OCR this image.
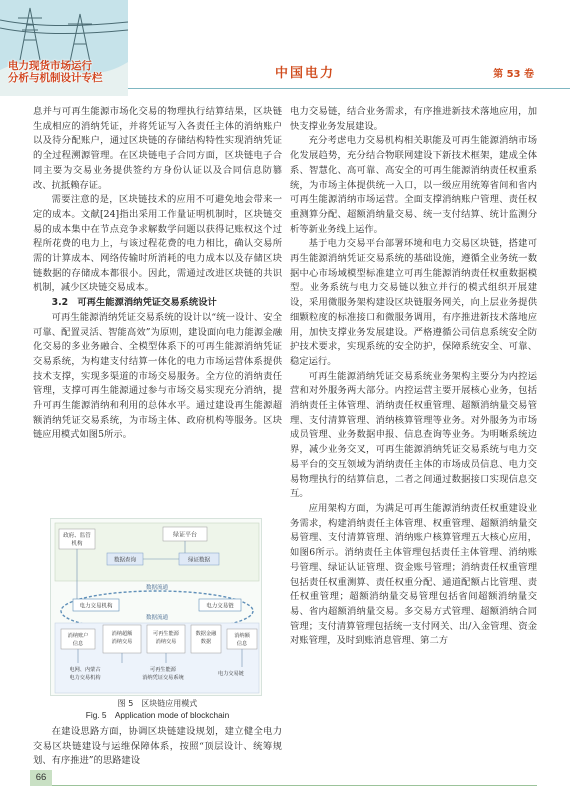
电力现货市场运行
分析与机制设计专栏	中国电力	第 53 卷

息并与可再生能源市场化交易的物理执行结算结果，区块链生成相应的消纳凭证，并将凭证写入各责任主体的消纳账户以及待分配账户，通过区块链的存储结构特性实现消纳凭证的全过程溯源管理。在区块链电子合同方面，区块链电子合同主要为交易业务提供签约方身份认证以及合同信息防篡改、抗抵赖存证。

需要注意的是，区块链技术的应用不可避免地会带来一定的成本。文献[24]指出采用工作量证明机制时，区块链交易的成本集中在节点竞争求解数学问题以获得记账权这个过程所花费的电力上，与该过程花费的电力相比，确认交易所需的计算成本、网络传输时所消耗的电力成本以及存储区块链数据的存储成本都很小。因此，需通过改进区块链的共识机制，减少区块链交易成本。

3.2　可再生能源消纳凭证交易系统设计

可再生能源消纳凭证交易系统的设计以“统一设计、安全可靠、配置灵活、智能高效”为原则，建设面向电力能源金融化交易的多业务融合、全模型体系下的可再生能源消纳凭证交易系统，为构建支付结算一体化的电力市场运营体系提供技术支撑，实现多渠道的市场交易服务。全方位的消纳责任管理，支撑可再生能源通过参与市场交易实现充分消纳，提升可再生能源消纳和利用的总体水平。通过建设再生能源超额消纳凭证交易系统，为市场主体、政府机构等服务。区块链应用模式如图5所示。

政府、监管
机构
绿证平台
数据查询	绿证数据
数据流通
电力交易机构	电力交易链
数据流通
消纳账户
信息
消纳超额
消纳交易
可再生能源
消纳交易
数据金融
数据
消纳额
信息
电网、内蒙古
电力交易机构
可再生能源
消纳凭证交易系统
电力交易链
图 5　区块链应用模式
Fig. 5　Application mode of blockchain

在建设思路方面，协调区块链建设规划，建立健全电力交易区块链建设与运维保障体系，按照“顶层设计、统筹规划、有序推进”的思路建设

电力交易链，结合业务需求，有序推进新技术落地应用，加快支撑业务发展建设。

充分考虑电力交易机构相关职能及可再生能源消纳市场化发展趋势，充分结合物联网建设下新技术框架，建成全体系、智慧化、高可靠、高安全的可再生能源消纳责任权重系统，为市场主体提供统一入口，以一级应用统筹省间和省内可再生能源消纳市场运营。全面支撑消纳账户管理、责任权重测算分配、超额消纳量交易、统一支付结算、统计监测分析等新业务线上运作。

基于电力交易平台部署环境和电力交易区块链，搭建可再生能源消纳凭证交易系统的基础设施，遵循全业务统一数据中心市场域模型标准建立可再生能源消纳责任权重数据模型。业务系统与电力交易链以独立并行的模式组织开展建设，采用微服务架构建设区块链服务网关，向上层业务提供细颗粒度的标准接口和微服务调用，有序推进新技术落地应用，加快支撑业务发展建设。严格遵循公司信息系统安全防护技术要求，实现系统的安全防护，保障系统安全、可靠、稳定运行。

可再生能源消纳凭证交易系统业务架构主要分为内控运营和对外服务两大部分。内控运营主要开展核心业务，包括消纳责任主体管理、消纳责任权重管理、超额消纳量交易管理、支付清算管理、消纳核算管理等业务。对外服务为市场成员管理、业务数据申报、信息查询等业务。为明晰系统边界，减少业务交叉，可再生能源消纳凭证交易系统与电力交易平台的交互领域为消纳责任主体的市场成员信息、电力交易物理执行的结算信息，二者之间通过数据接口实现信息交互。

应用架构方面，为满足可再生能源消纳责任权重建设业务需求，构建消纳责任主体管理、权重管理、超额消纳量交易管理、支付清算管理、消纳账户核算管理五大核心应用，如图6所示。消纳责任主体管理包括责任主体管理、消纳账号管理、绿证认证管理、资金账号管理；消纳责任权重管理包括责任权重测算、责任权重分配、通道配额占比管理、责任权重管理；超额消纳量交易管理包括省间超额消纳量交易、省内超额消纳量交易。多交易方式管理、超额消纳合同管理；支付清算管理包括统一支付网关、出/入金管理、资金对账管理，及时到账消息管理、第二方

66
